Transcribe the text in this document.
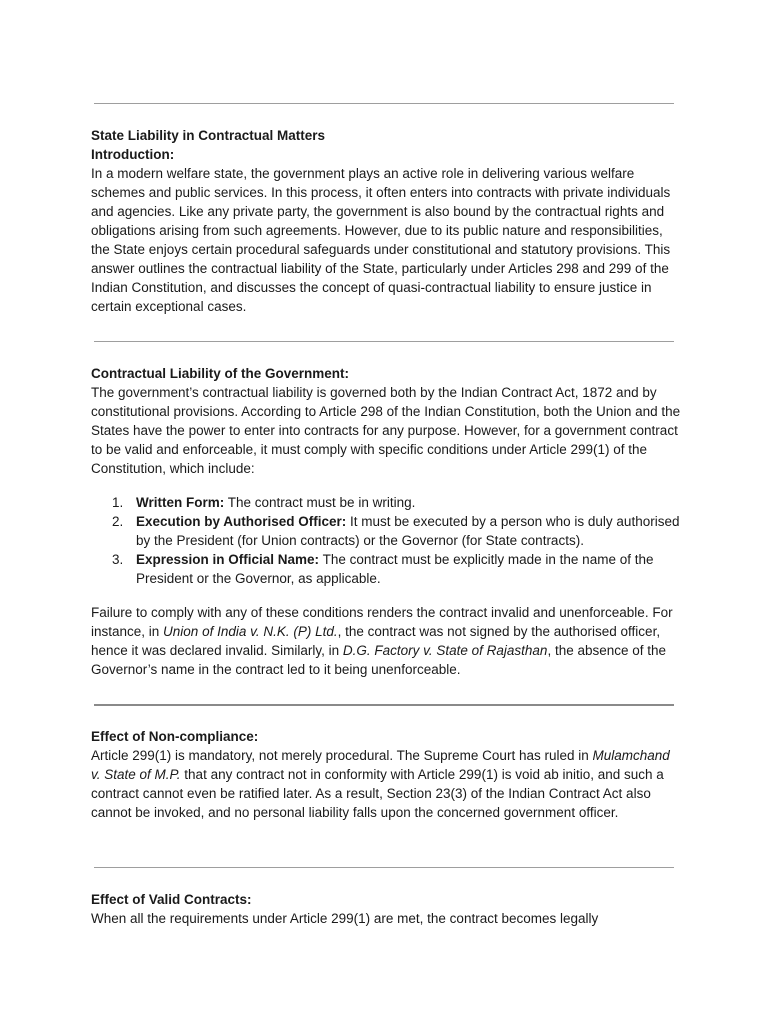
State Liability in Contractual Matters
Introduction:

In a modern welfare state, the government plays an active role in delivering various welfare schemes and public services. In this process, it often enters into contracts with private individuals and agencies. Like any private party, the government is also bound by the contractual rights and obligations arising from such agreements. However, due to its public nature and responsibilities, the State enjoys certain procedural safeguards under constitutional and statutory provisions. This answer outlines the contractual liability of the State, particularly under Articles 298 and 299 of the Indian Constitution, and discusses the concept of quasi-contractual liability to ensure justice in certain exceptional cases.

Contractual Liability of the Government:

The government’s contractual liability is governed both by the Indian Contract Act, 1872 and by constitutional provisions. According to Article 298 of the Indian Constitution, both the Union and the States have the power to enter into contracts for any purpose. However, for a government contract to be valid and enforceable, it must comply with specific conditions under Article 299(1) of the Constitution, which include:

1. Written Form: The contract must be in writing.
2. Execution by Authorised Officer: It must be executed by a person who is duly authorised by the President (for Union contracts) or the Governor (for State contracts).
3. Expression in Official Name: The contract must be explicitly made in the name of the President or the Governor, as applicable.

Failure to comply with any of these conditions renders the contract invalid and unenforceable. For instance, in Union of India v. N.K. (P) Ltd., the contract was not signed by the authorised officer, hence it was declared invalid. Similarly, in D.G. Factory v. State of Rajasthan, the absence of the Governor’s name in the contract led to it being unenforceable.

Effect of Non-compliance:

Article 299(1) is mandatory, not merely procedural. The Supreme Court has ruled in Mulamchand v. State of M.P. that any contract not in conformity with Article 299(1) is void ab initio, and such a contract cannot even be ratified later. As a result, Section 23(3) of the Indian Contract Act also cannot be invoked, and no personal liability falls upon the concerned government officer.

Effect of Valid Contracts:

When all the requirements under Article 299(1) are met, the contract becomes legally
